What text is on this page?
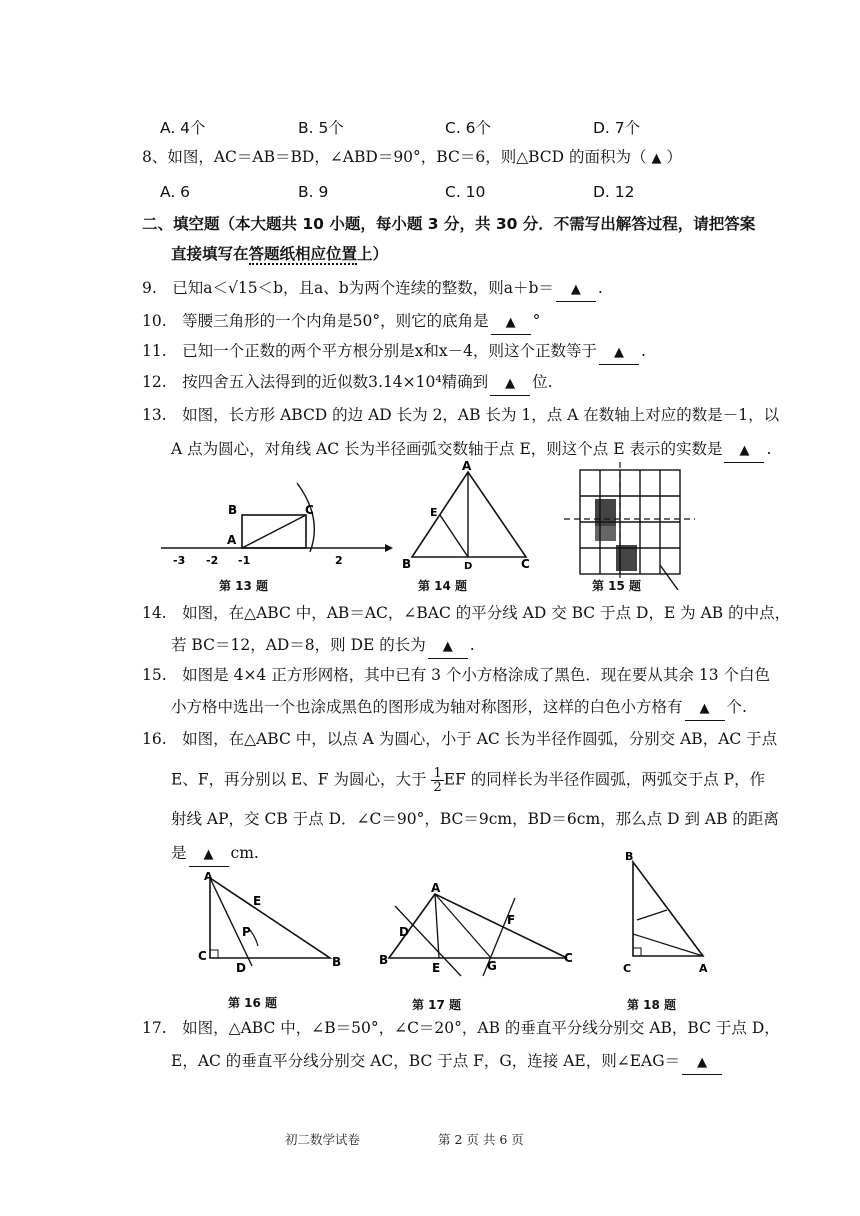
A. 4个	B. 5个	C. 6个	D. 7个
8、如图，AC＝AB＝BD，∠ABD＝90°，BC＝6，则△BCD 的面积为（ ▲ ）
A. 6	B. 9	C. 10	D. 12
二、填空题（本大题共 10 小题，每小题 3 分，共 30 分．不需写出解答过程，请把答案
直接填写在答题纸相应位置上）
9.　已知a＜√15＜b，且a、b为两个连续的整数，则a＋b＝ ▲ .
10.　等腰三角形的一个内角是50°，则它的底角是 ▲ °
11.　已知一个正数的两个平方根分别是x和x－4，则这个正数等于 ▲ .
12.　按四舍五入法得到的近似数3.14×10⁴精确到 ▲ 位.
13.　如图，长方形 ABCD 的边 AD 长为 2，AB 长为 1，点 A 在数轴上对应的数是－1，以
A 点为圆心，对角线 AC 长为半径画弧交数轴于点 E，则这个点 E 表示的实数是 ▲ .
B	C
A
-3 -2 -1	2
第 13 题
A
E
B	D	C
第 14 题	第 15 题
14.　如图，在△ABC 中，AB＝AC，∠BAC 的平分线 AD 交 BC 于点 D，E 为 AB 的中点，
若 BC＝12，AD＝8，则 DE 的长为 ▲ .
15.　如图是 4×4 正方形网格，其中已有 3 个小方格涂成了黑色．现在要从其余 13 个白色
小方格中选出一个也涂成黑色的图形成为轴对称图形，这样的白色小方格有 ▲ 个.
16.　如图，在△ABC 中，以点 A 为圆心，小于 AC 长为半径作圆弧，分别交 AB，AC 于点
E、F，再分别以 E、F 为圆心，大于 $\frac{1}{2}$ EF 的同样长为半径作圆弧，两弧交于点 P，作
射线 AP，交 CB 于点 D．∠C＝90°，BC＝9cm，BD＝6cm，那么点 D 到 AB 的距离
是 ▲ cm.
A
E
P
C
D	B
第 16 题
A
D
F
B
E	G
C
第 17 题
B
C	A
第 18 题
17.　如图，△ABC 中，∠B＝50°，∠C＝20°，AB 的垂直平分线分别交 AB，BC 于点 D，
E，AC 的垂直平分线分别交 AC，BC 于点 F，G，连接 AE，则∠EAG＝ ▲
初二数学试卷	第 2 页 共 6 页
